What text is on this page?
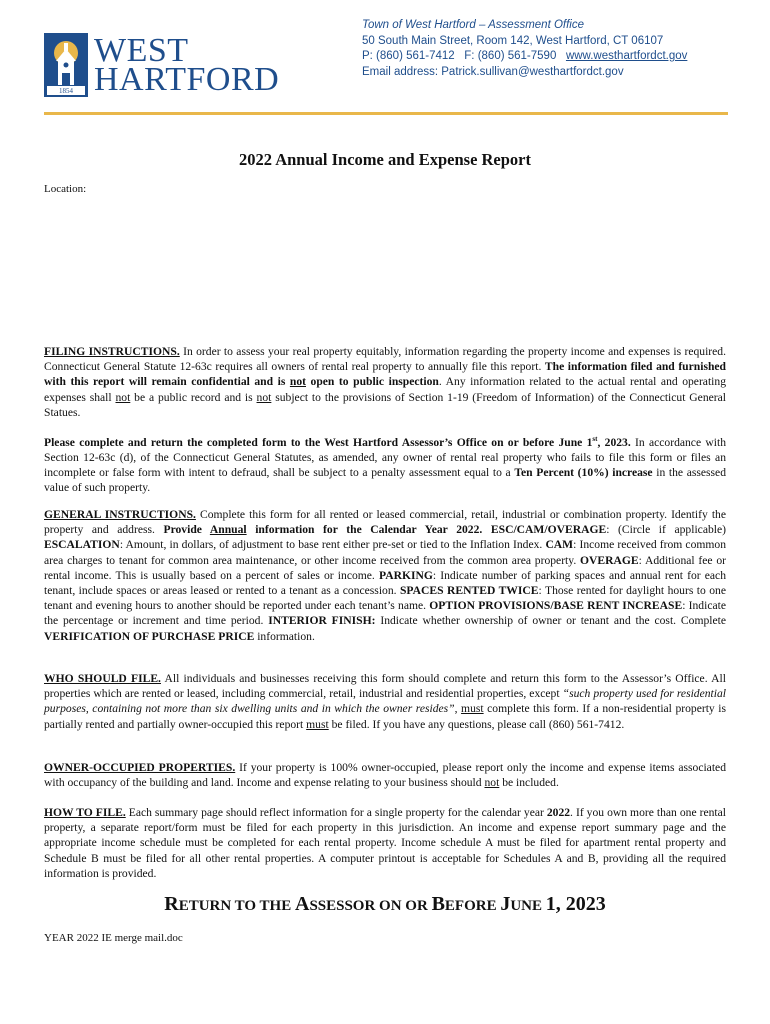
1854
WEST
HARTFORD
Town of West Hartford – Assessment Office
50 South Main Street, Room 142, West Hartford, CT 06107
P: (860) 561-7412   F: (860) 561-7590   www.westhartfordct.gov
Email address: Patrick.sullivan@westhartfordct.gov
2022 Annual Income and Expense Report
Location:

FILING INSTRUCTIONS. In order to assess your real property equitably, information regarding the property income and expenses is required. Connecticut General Statute 12-63c requires all owners of rental real property to annually file this report. The information filed and furnished with this report will remain confidential and is not open to public inspection. Any information related to the actual rental and operating expenses shall not be a public record and is not subject to the provisions of Section 1-19 (Freedom of Information) of the Connecticut General Statues.

Please complete and return the completed form to the West Hartford Assessor’s Office on or before June 1st, 2023. In accordance with Section 12-63c (d), of the Connecticut General Statutes, as amended, any owner of rental real property who fails to file this form or files an incomplete or false form with intent to defraud, shall be subject to a penalty assessment equal to a Ten Percent (10%) increase in the assessed value of such property.

GENERAL INSTRUCTIONS. Complete this form for all rented or leased commercial, retail, industrial or combination property. Identify the property and address. Provide Annual information for the Calendar Year 2022. ESC/CAM/OVERAGE: (Circle if applicable) ESCALATION: Amount, in dollars, of adjustment to base rent either pre-set or tied to the Inflation Index. CAM: Income received from common area charges to tenant for common area maintenance, or other income received from the common area property. OVERAGE: Additional fee or rental income. This is usually based on a percent of sales or income. PARKING: Indicate number of parking spaces and annual rent for each tenant, include spaces or areas leased or rented to a tenant as a concession. SPACES RENTED TWICE: Those rented for daylight hours to one tenant and evening hours to another should be reported under each tenant’s name. OPTION PROVISIONS/BASE RENT INCREASE: Indicate the percentage or increment and time period. INTERIOR FINISH: Indicate whether ownership of owner or tenant and the cost. Complete VERIFICATION OF PURCHASE PRICE information.

WHO SHOULD FILE. All individuals and businesses receiving this form should complete and return this form to the Assessor’s Office. All properties which are rented or leased, including commercial, retail, industrial and residential properties, except “such property used for residential purposes, containing not more than six dwelling units and in which the owner resides”, must complete this form. If a non-residential property is partially rented and partially owner-occupied this report must be filed. If you have any questions, please call (860) 561-7412.

OWNER-OCCUPIED PROPERTIES. If your property is 100% owner-occupied, please report only the income and expense items associated with occupancy of the building and land. Income and expense relating to your business should not be included.

HOW TO FILE. Each summary page should reflect information for a single property for the calendar year 2022. If you own more than one rental property, a separate report/form must be filed for each property in this jurisdiction. An income and expense report summary page and the appropriate income schedule must be completed for each rental property. Income schedule A must be filed for apartment rental property and Schedule B must be filed for all other rental properties. A computer printout is acceptable for Schedules A and B, providing all the required information is provided.

RETURN TO THE ASSESSOR ON OR BEFORE JUNE 1, 2023
YEAR 2022 IE merge mail.doc
